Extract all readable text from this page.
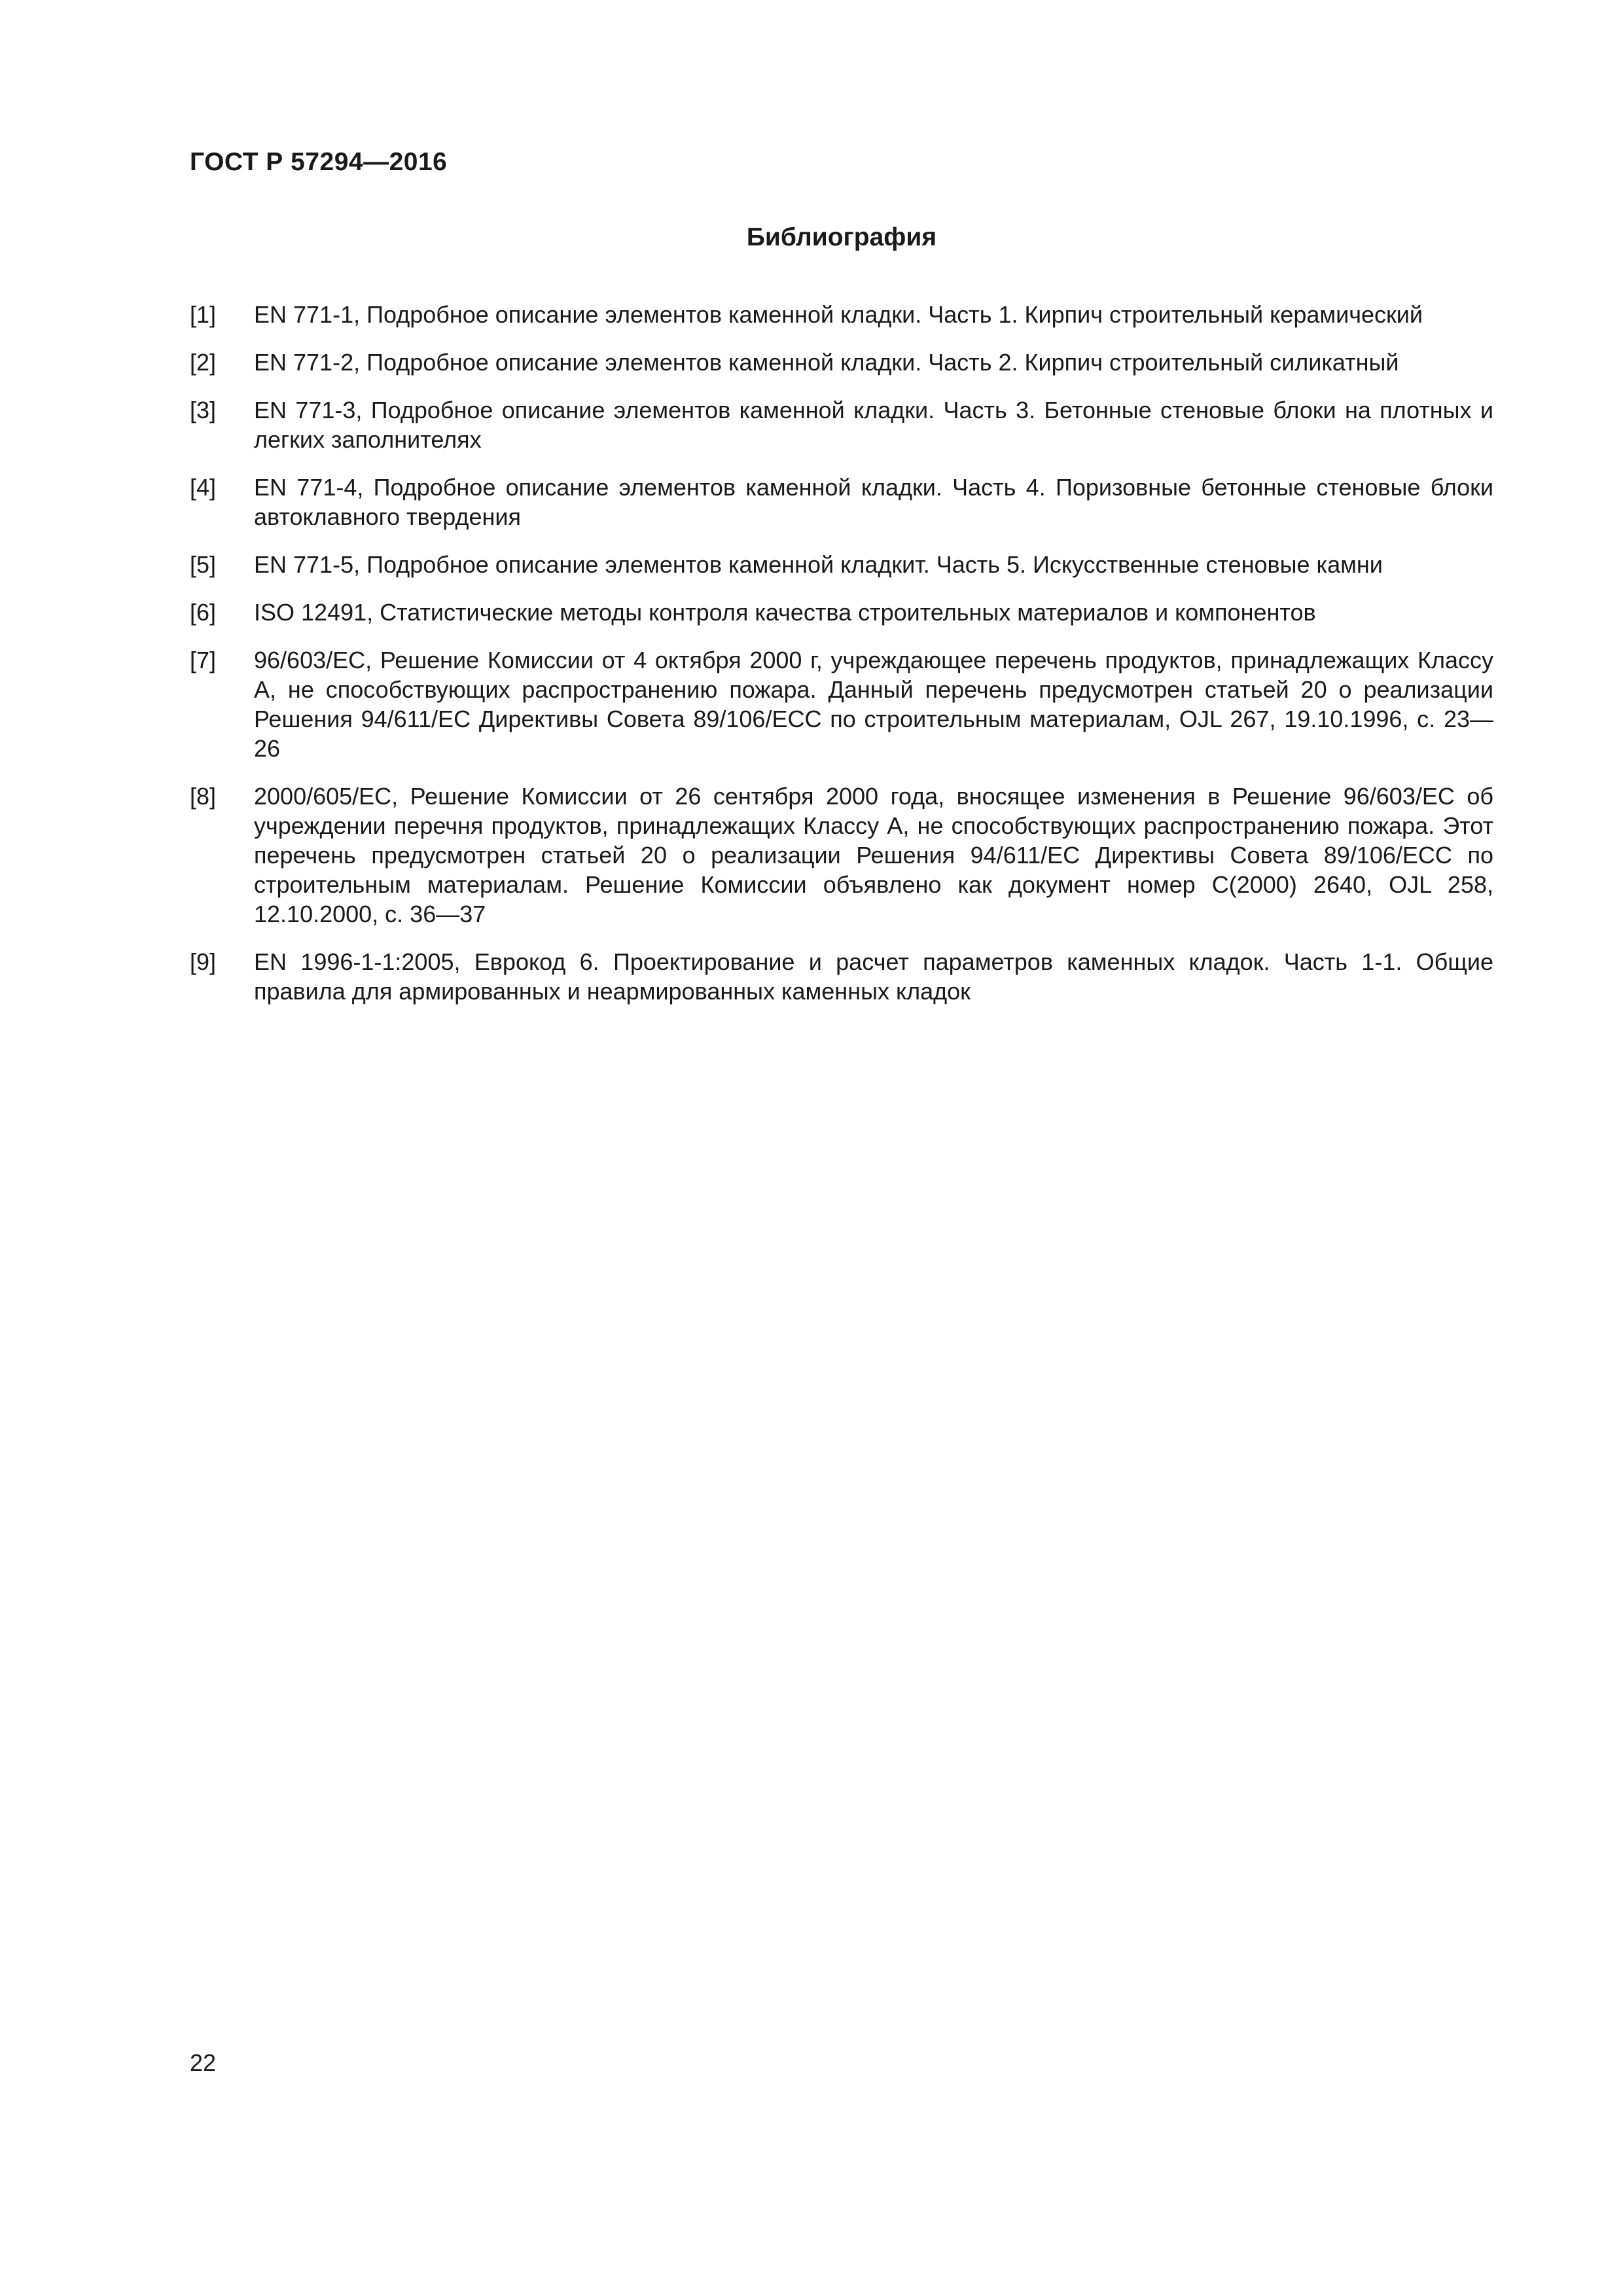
ГОСТ Р 57294—2016
Библиография
[1]	EN 771-1, Подробное описание элементов каменной кладки. Часть 1. Кирпич строительный керамический
[2]	EN 771-2, Подробное описание элементов каменной кладки. Часть 2. Кирпич строительный силикатный
[3]	EN 771-3, Подробное описание элементов каменной кладки. Часть 3. Бетонные стеновые блоки на плотных и легких заполнителях
[4]	EN 771-4, Подробное описание элементов каменной кладки. Часть 4. Поризовные бетонные стеновые блоки автоклавного твердения
[5]	EN 771-5, Подробное описание элементов каменной кладкит. Часть 5. Искусственные стеновые камни
[6]	ISO 12491, Статистические методы контроля качества строительных материалов и компонентов
[7]	96/603/ЕС, Решение Комиссии от 4 октября 2000 г, учреждающее перечень продуктов, принадлежащих Классу А, не способствующих распространению пожара. Данный перечень предусмотрен статьей 20 о реализации Решения 94/611/ЕС Директивы Совета 89/106/ЕСС по строительным материалам, OJL 267, 19.10.1996, с. 23—26
[8]	2000/605/ЕС, Решение Комиссии от 26 сентября 2000 года, вносящее изменения в Решение 96/603/ЕС об учреждении перечня продуктов, принадлежащих Классу А, не способствующих распространению пожара. Этот перечень предусмотрен статьей 20 о реализации Решения 94/611/ЕС Директивы Совета 89/106/ЕСС по строительным материалам. Решение Комиссии объявлено как документ номер С(2000) 2640, OJL 258, 12.10.2000, с. 36—37
[9]	EN 1996-1-1:2005, Еврокод 6. Проектирование и расчет параметров каменных кладок. Часть 1-1. Общие правила для армированных и неармированных каменных кладок
22
